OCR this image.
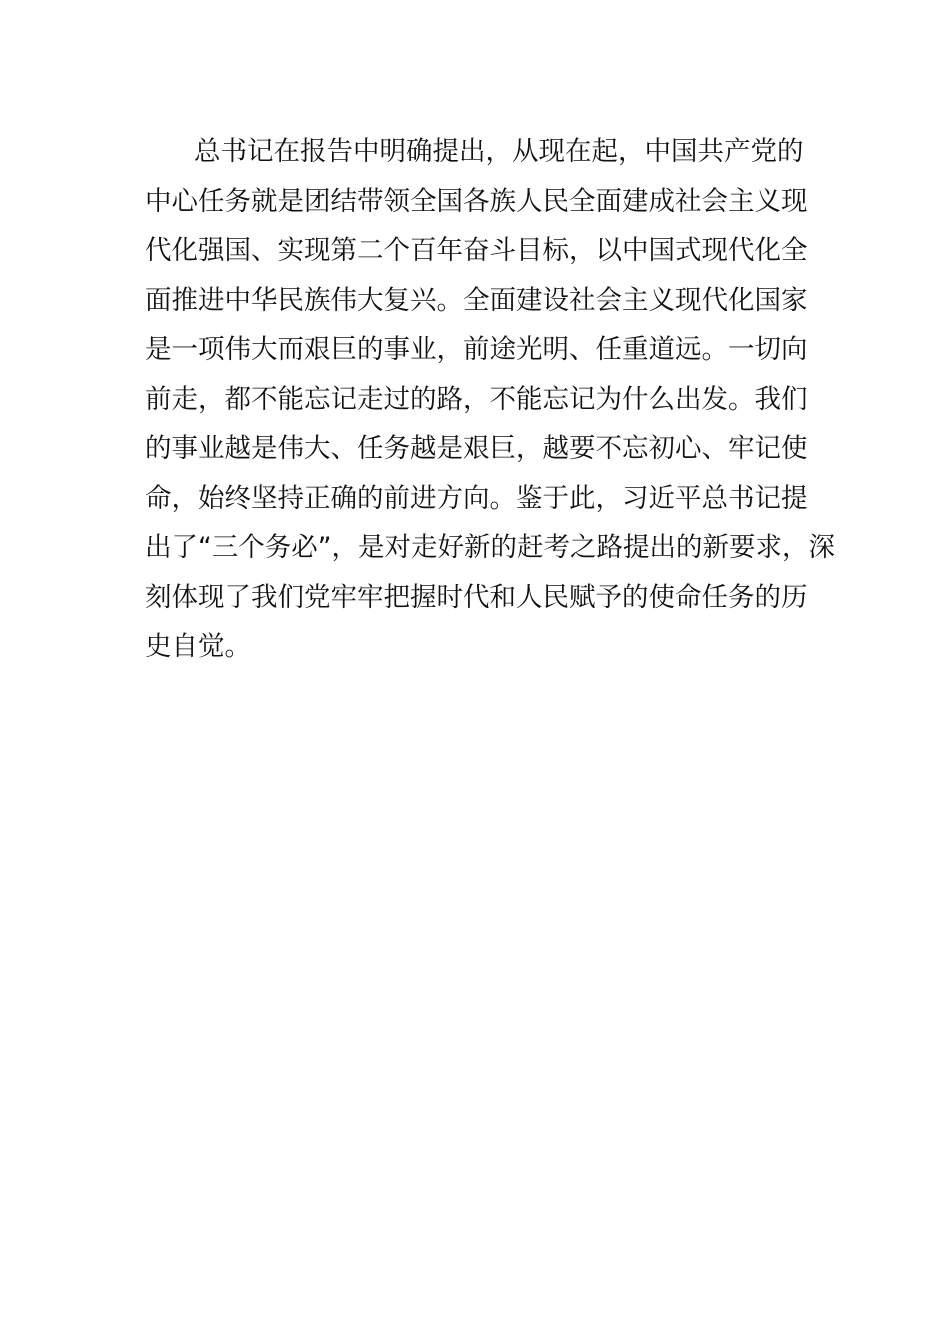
总书记在报告中明确提出，从现在起，中国共产党的
中心任务就是团结带领全国各族人民全面建成社会主义现
代化强国、实现第二个百年奋斗目标，以中国式现代化全
面推进中华民族伟大复兴。全面建设社会主义现代化国家
是一项伟大而艰巨的事业，前途光明、任重道远。一切向
前走，都不能忘记走过的路，不能忘记为什么出发。我们
的事业越是伟大、任务越是艰巨，越要不忘初心、牢记使
命，始终坚持正确的前进方向。鉴于此，习近平总书记提
出了“三个务必”，是对走好新的赶考之路提出的新要求，深
刻体现了我们党牢牢把握时代和人民赋予的使命任务的历
史自觉。
